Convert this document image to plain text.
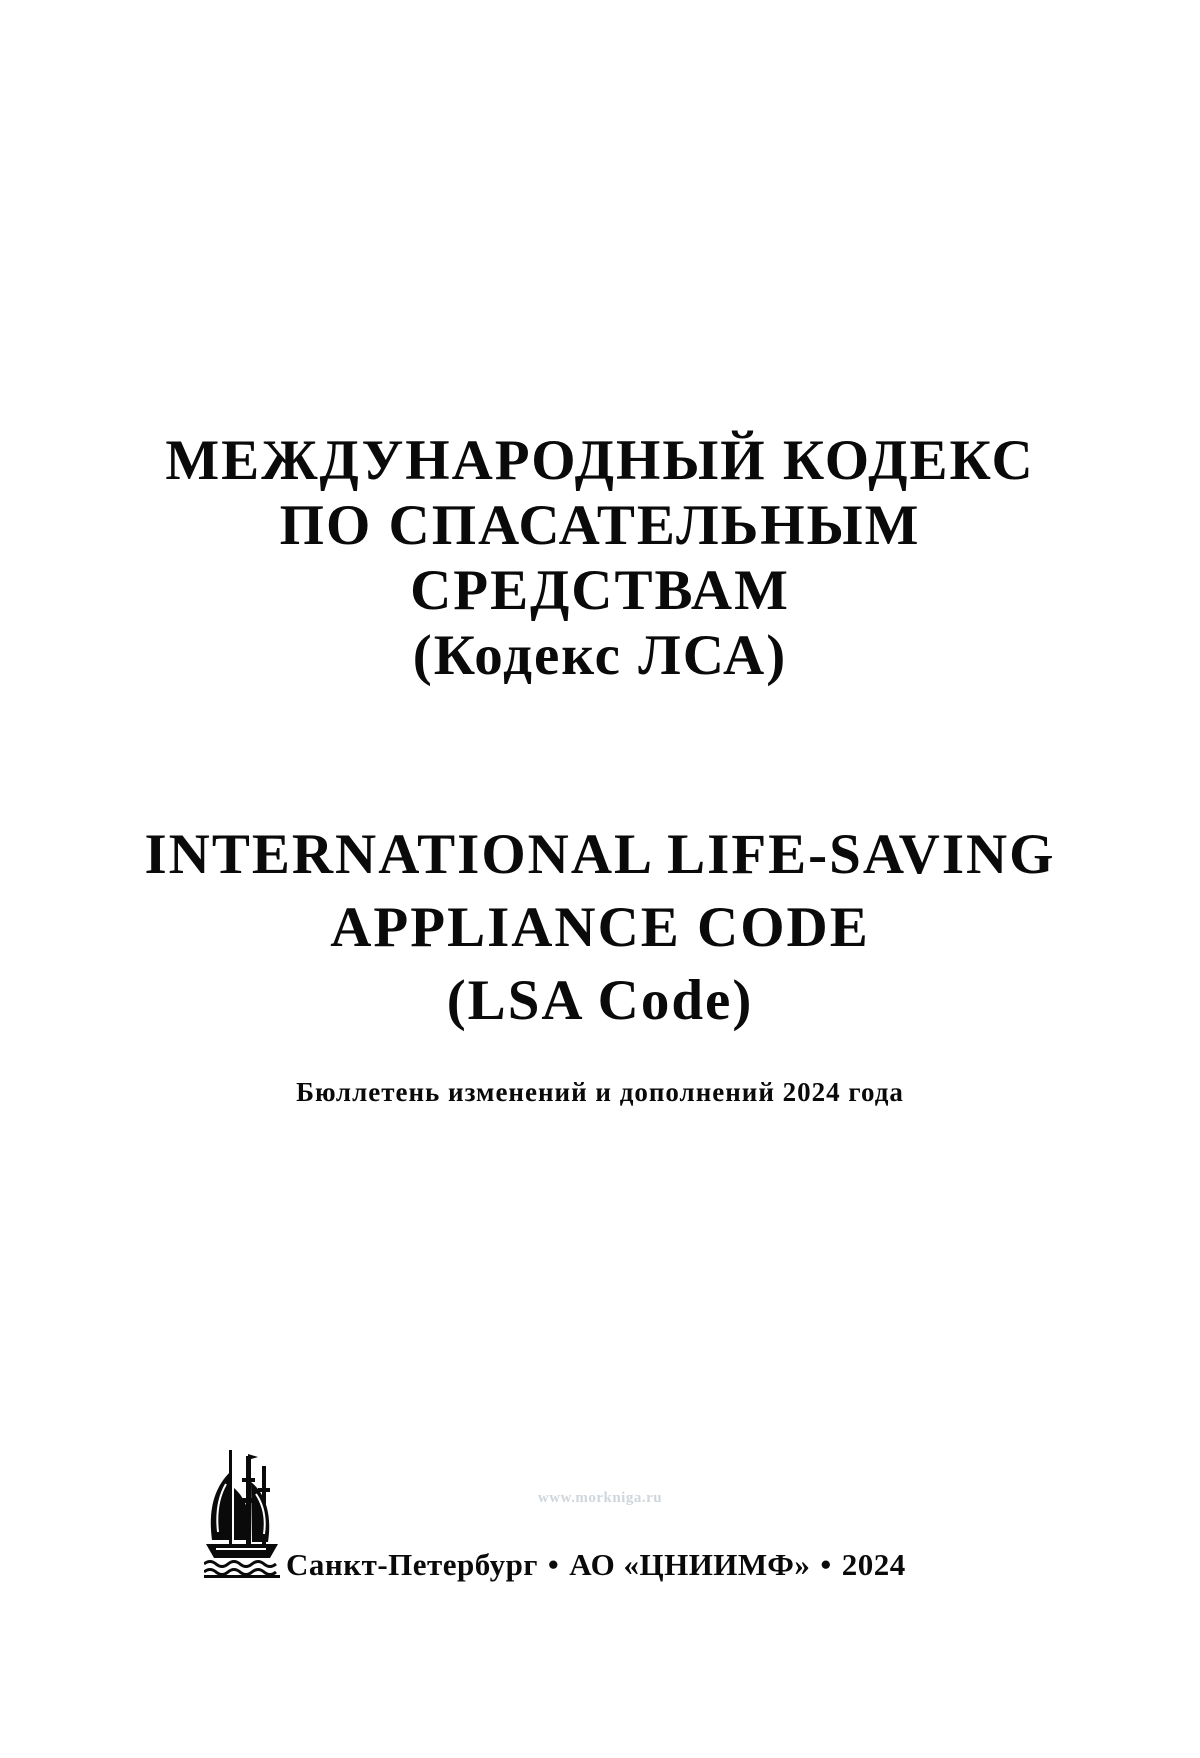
МЕЖДУНАРОДНЫЙ КОДЕКС
ПО СПАСАТЕЛЬНЫМ
СРЕДСТВАМ
(Кодекс ЛСА)
INTERNATIONAL LIFE-SAVING
APPLIANCE CODE
(LSA Code)
Бюллетень изменений и дополнений 2024 года
www.morkniga.ru
Санкт-Петербург • АО «ЦНИИМФ» • 2024
